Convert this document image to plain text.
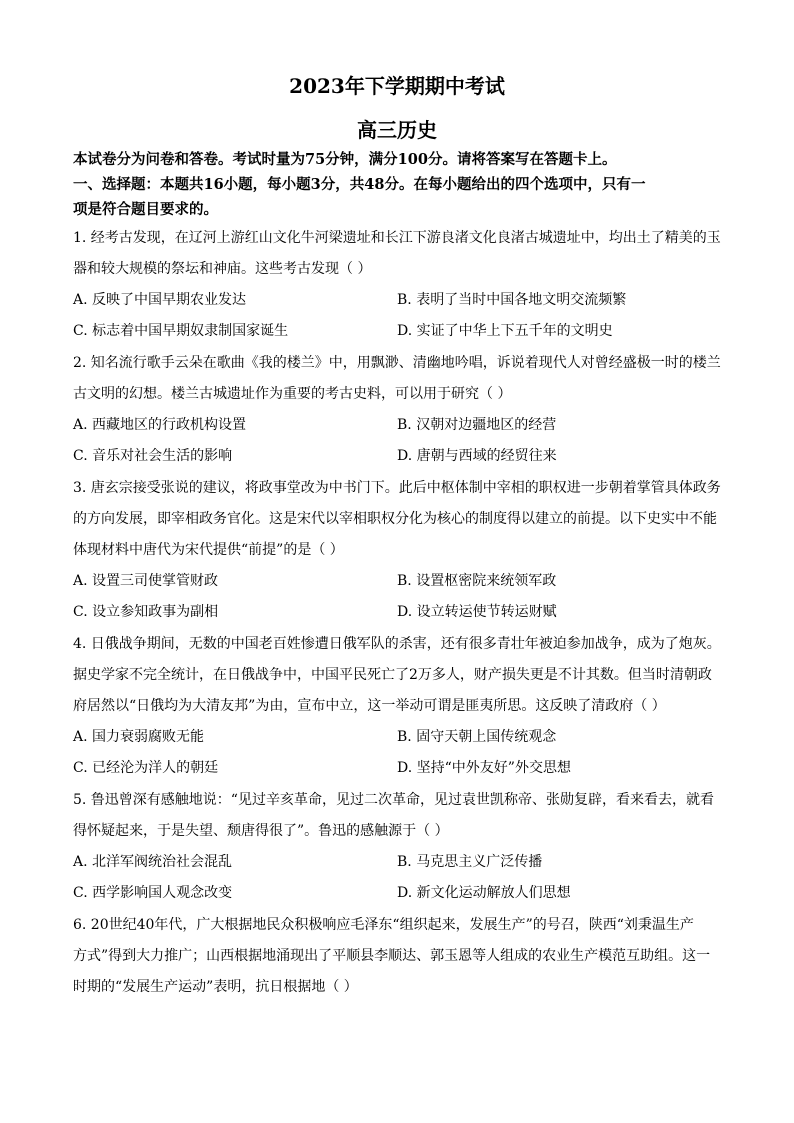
2023年下学期期中考试
高三历史
本试卷分为问卷和答卷。考试时量为75分钟，满分100分。请将答案写在答题卡上。
一、选择题：本题共16小题，每小题3分，共48分。在每小题给出的四个选项中，只有一
项是符合题目要求的。
1. 经考古发现，在辽河上游红山文化牛河梁遗址和长江下游良渚文化良渚古城遗址中，均出土了精美的玉
器和较大规模的祭坛和神庙。这些考古发现（ ）
A. 反映了中国早期农业发达	B. 表明了当时中国各地文明交流频繁
C. 标志着中国早期奴隶制国家诞生	D. 实证了中华上下五千年的文明史
2. 知名流行歌手云朵在歌曲《我的楼兰》中，用飘渺、清幽地吟唱，诉说着现代人对曾经盛极一时的楼兰
古文明的幻想。楼兰古城遗址作为重要的考古史料，可以用于研究（ ）
A. 西藏地区的行政机构设置	B. 汉朝对边疆地区的经营
C. 音乐对社会生活的影响	D. 唐朝与西域的经贸往来
3. 唐玄宗接受张说的建议，将政事堂改为中书门下。此后中枢体制中宰相的职权进一步朝着掌管具体政务
的方向发展，即宰相政务官化。这是宋代以宰相职权分化为核心的制度得以建立的前提。以下史实中不能
体现材料中唐代为宋代提供“前提”的是（ ）
A. 设置三司使掌管财政	B. 设置枢密院来统领军政
C. 设立参知政事为副相	D. 设立转运使节转运财赋
4. 日俄战争期间，无数的中国老百姓惨遭日俄军队的杀害，还有很多青壮年被迫参加战争，成为了炮灰。
据史学家不完全统计，在日俄战争中，中国平民死亡了2万多人，财产损失更是不计其数。但当时清朝政
府居然以“日俄均为大清友邦”为由，宣布中立，这一举动可谓是匪夷所思。这反映了清政府（ ）
A. 国力衰弱腐败无能	B. 固守天朝上国传统观念
C. 已经沦为洋人的朝廷	D. 坚持“中外友好”外交思想
5. 鲁迅曾深有感触地说：“见过辛亥革命，见过二次革命，见过袁世凯称帝、张勋复辟，看来看去，就看
得怀疑起来，于是失望、颓唐得很了”。鲁迅的感触源于（ ）
A. 北洋军阀统治社会混乱	B. 马克思主义广泛传播
C. 西学影响国人观念改变	D. 新文化运动解放人们思想
6. 20世纪40年代，广大根据地民众积极响应毛泽东“组织起来，发展生产”的号召，陕西“刘秉温生产
方式”得到大力推广；山西根据地涌现出了平顺县李顺达、郭玉恩等人组成的农业生产模范互助组。这一
时期的“发展生产运动”表明，抗日根据地（ ）
